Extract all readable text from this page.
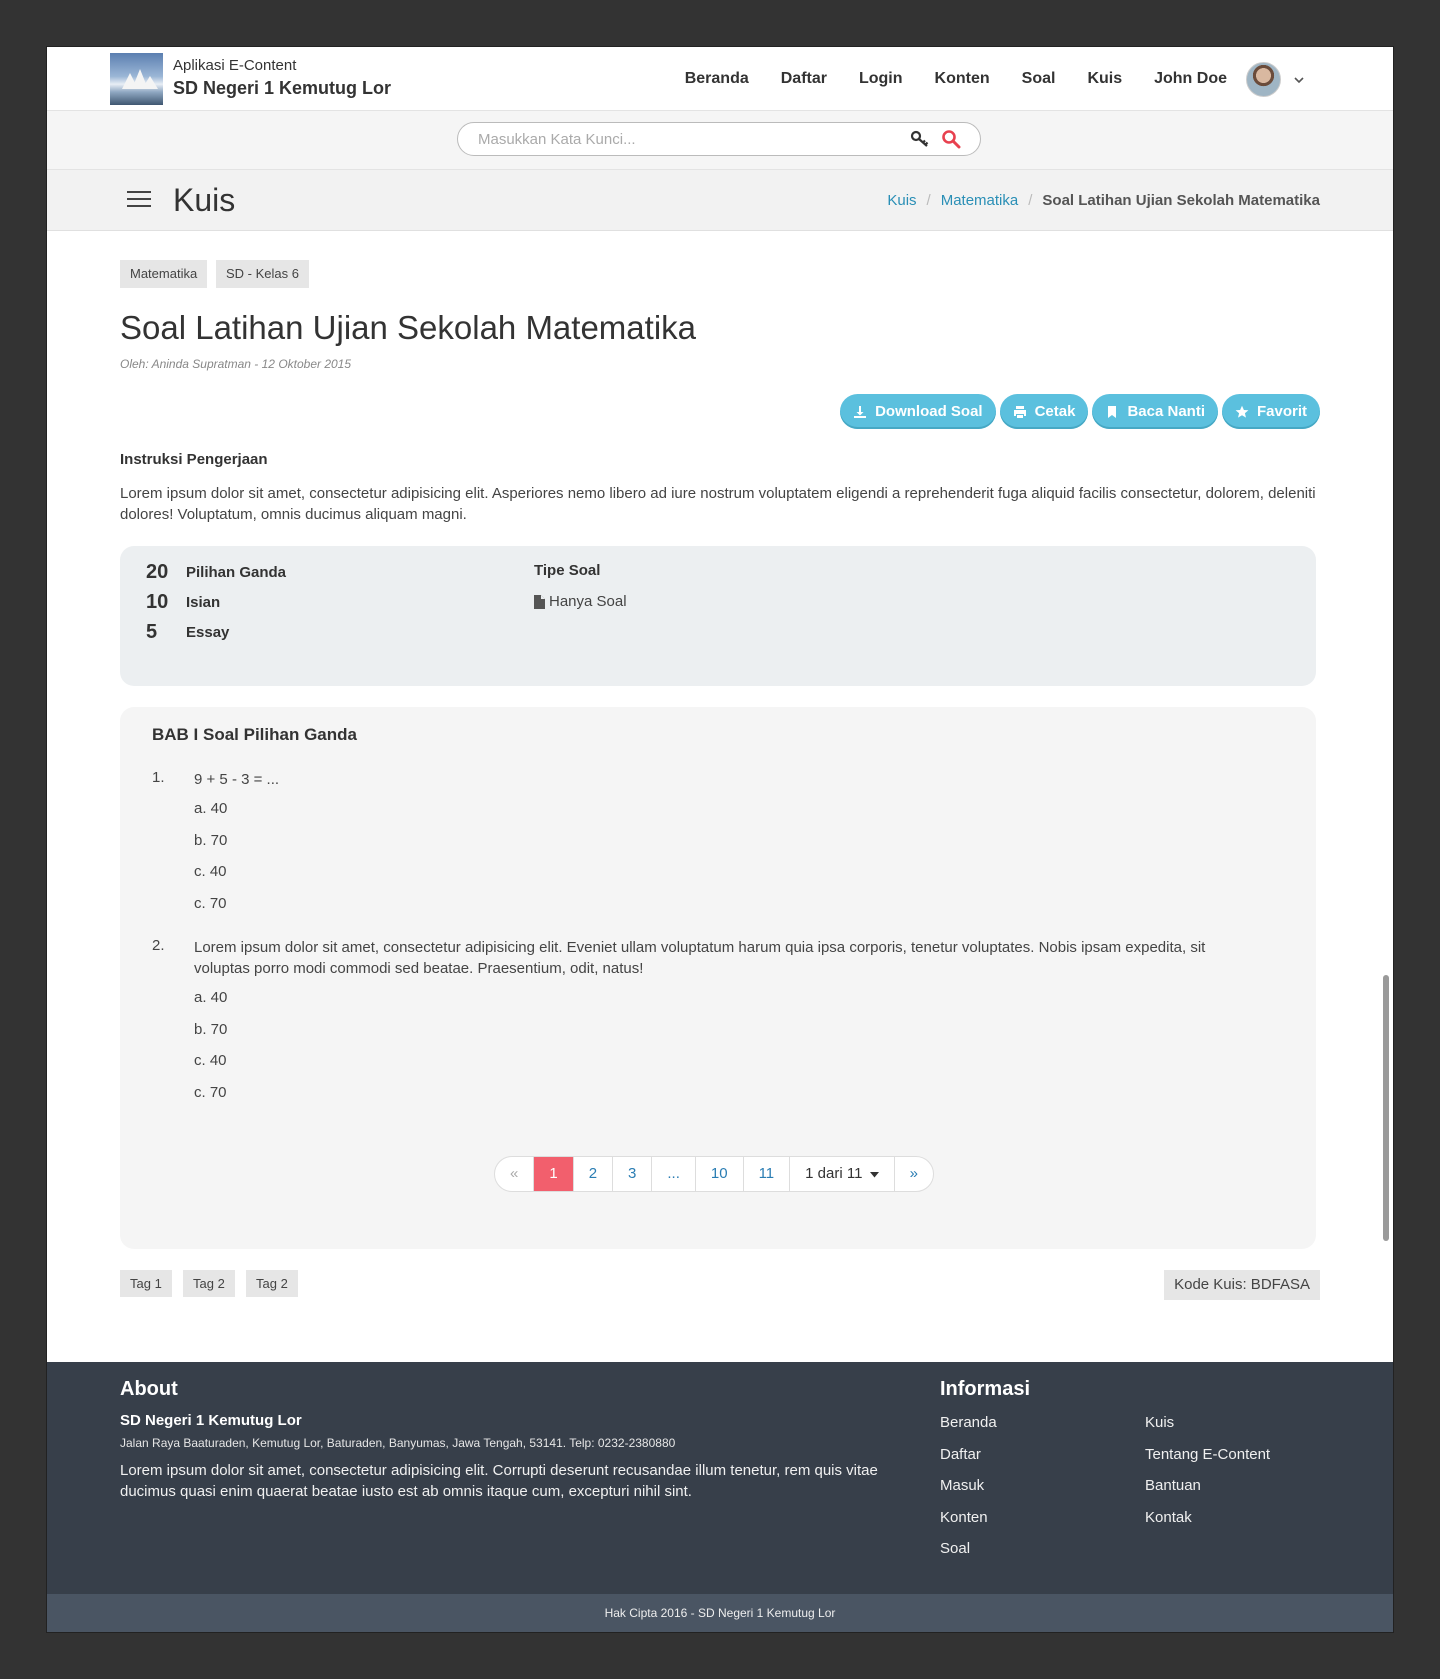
Aplikasi E-Content
SD Negeri 1 Kemutug Lor	Beranda	Daftar	Login	Konten	Soal	Kuis	John Doe
Masukkan Kata Kunci...
Kuis	Kuis / Matematika / Soal Latihan Ujian Sekolah Matematika
Matematika	SD - Kelas 6
Soal Latihan Ujian Sekolah Matematika
Oleh: Aninda Supratman - 12 Oktober 2015
Download Soal	Cetak	Baca Nanti	Favorit
Instruksi Pengerjaan
Lorem ipsum dolor sit amet, consectetur adipisicing elit. Asperiores nemo libero ad iure nostrum voluptatem eligendi a reprehenderit fuga aliquid facilis consectetur, dolorem, deleniti dolores! Voluptatum, omnis ducimus aliquam magni.
20	Pilihan Ganda
10	Isian
5	Essay
Tipe Soal
Hanya Soal
BAB I Soal Pilihan Ganda
1. 9 + 5 - 3 = ...
a. 40
b. 70
c. 40
c. 70
2. Lorem ipsum dolor sit amet, consectetur adipisicing elit. Eveniet ullam voluptatum harum quia ipsa corporis, tenetur voluptates. Nobis ipsam expedita, sit voluptas porro modi commodi sed beatae. Praesentium, odit, natus!
a. 40
b. 70
c. 40
c. 70
«	1	2	3	...	10	11	1 dari 11	»
Tag 1	Tag 2	Tag 2	Kode Kuis: BDFASA
About
SD Negeri 1 Kemutug Lor
Jalan Raya Baaturaden, Kemutug Lor, Baturaden, Banyumas, Jawa Tengah, 53141. Telp: 0232-2380880
Lorem ipsum dolor sit amet, consectetur adipisicing elit. Corrupti deserunt recusandae illum tenetur, rem quis vitae ducimus quasi enim quaerat beatae iusto est ab omnis itaque cum, excepturi nihil sint.
Informasi
Beranda
Daftar
Masuk
Konten
Soal
Kuis
Tentang E-Content
Bantuan
Kontak
Hak Cipta 2016 - SD Negeri 1 Kemutug Lor
